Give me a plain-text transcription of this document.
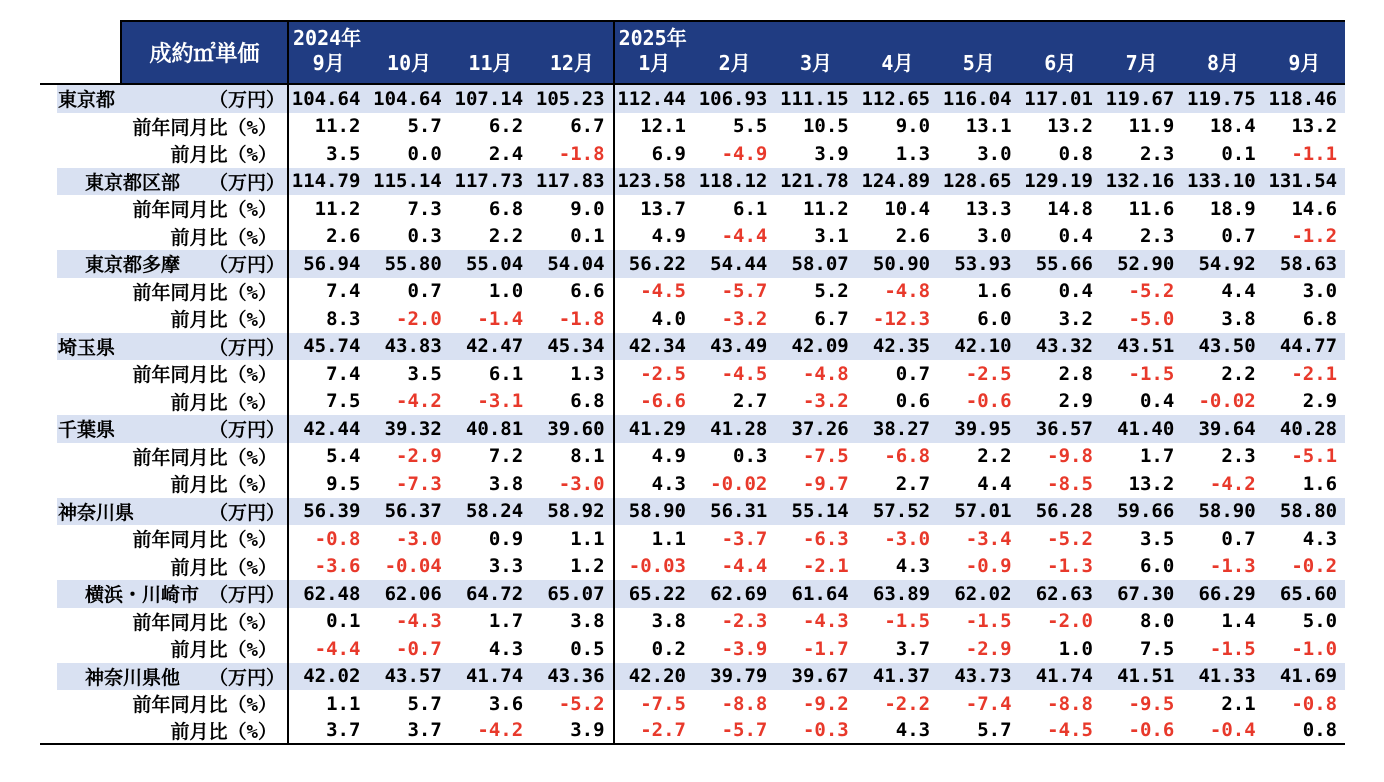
成約㎡単価
2024年
9月	10月	11月	12月
2025年
1月	2月	3月	4月	5月	6月	7月	8月	9月
東京都	（万円） 104.64 104.64 107.14 105.23 112.44 106.93 111.15 112.65 116.04 117.01 119.67 119.75 118.46
前年同月比（%）	11.2	5.7	6.2	6.7	12.1	5.5	10.5	9.0	13.1	13.2	11.9	18.4	13.2
前月比（%）	3.5	0.0	2.4	-1.8	6.9	-4.9	3.9	1.3	3.0	0.8	2.3	0.1	-1.1
東京都区部 （万円） 114.79 115.14 117.73 117.83 123.58 118.12 121.78 124.89 128.65 129.19 132.16 133.10 131.54
前年同月比（%）	11.2	7.3	6.8	9.0	13.7	6.1	11.2	10.4	13.3	14.8	11.6	18.9	14.6
前月比（%）	2.6	0.3	2.2	0.1	4.9	-4.4	3.1	2.6	3.0	0.4	2.3	0.7	-1.2
東京都多摩 （万円） 56.94	55.80	55.04	54.04	56.22	54.44	58.07	50.90	53.93	55.66	52.90	54.92	58.63
前年同月比（%）	7.4	0.7	1.0	6.6	-4.5	-5.7	5.2	-4.8	1.6	0.4	-5.2	4.4	3.0
前月比（%）	8.3	-2.0	-1.4	-1.8	4.0	-3.2	6.7	-12.3	6.0	3.2	-5.0	3.8	6.8
埼玉県	（万円） 45.74	43.83	42.47	45.34	42.34	43.49	42.09	42.35	42.10	43.32	43.51	43.50	44.77
前年同月比（%）	7.4	3.5	6.1	1.3	-2.5	-4.5	-4.8	0.7	-2.5	2.8	-1.5	2.2	-2.1
前月比（%）	7.5	-4.2	-3.1	6.8	-6.6	2.7	-3.2	0.6	-0.6	2.9	0.4	-0.02	2.9
千葉県	（万円） 42.44	39.32	40.81	39.60	41.29	41.28	37.26	38.27	39.95	36.57	41.40	39.64	40.28
前年同月比（%）	5.4	-2.9	7.2	8.1	4.9	0.3	-7.5	-6.8	2.2	-9.8	1.7	2.3	-5.1
前月比（%）	9.5	-7.3	3.8	-3.0	4.3	-0.02	-9.7	2.7	4.4	-8.5	13.2	-4.2	1.6
神奈川県	（万円） 56.39	56.37	58.24	58.92	58.90	56.31	55.14	57.52	57.01	56.28	59.66	58.90	58.80
前年同月比（%）	-0.8	-3.0	0.9	1.1	1.1	-3.7	-6.3	-3.0	-3.4	-5.2	3.5	0.7	4.3
前月比（%）	-3.6	-0.04	3.3	1.2	-0.03	-4.4	-2.1	4.3	-0.9	-1.3	6.0	-1.3	-0.2
横浜・川崎市 （万円） 62.48	62.06	64.72	65.07	65.22	62.69	61.64	63.89	62.02	62.63	67.30	66.29	65.60
前年同月比（%）	0.1	-4.3	1.7	3.8	3.8	-2.3	-4.3	-1.5	-1.5	-2.0	8.0	1.4	5.0
前月比（%）	-4.4	-0.7	4.3	0.5	0.2	-3.9	-1.7	3.7	-2.9	1.0	7.5	-1.5	-1.0
神奈川県他 （万円） 42.02	43.57	41.74	43.36	42.20	39.79	39.67	41.37	43.73	41.74	41.51	41.33	41.69
前年同月比（%）	1.1	5.7	3.6	-5.2	-7.5	-8.8	-9.2	-2.2	-7.4	-8.8	-9.5	2.1	-0.8
前月比（%）	3.7	3.7	-4.2	3.9	-2.7	-5.7	-0.3	4.3	5.7	-4.5	-0.6	-0.4	0.8
